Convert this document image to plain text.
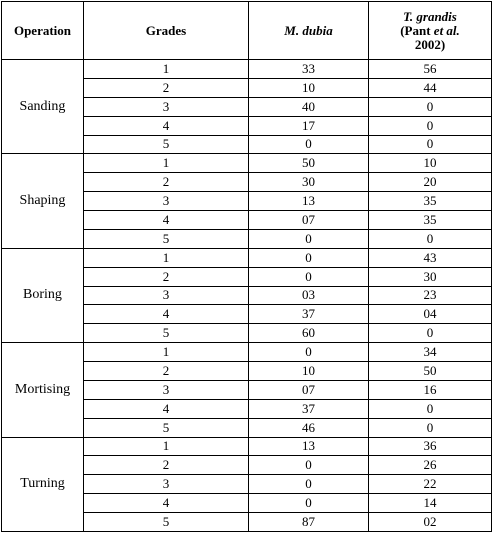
Operation	Grades	M. dubia	T. grandis
(Pant et al.
2002)
Sanding	1	33	56
	2	10	44
	3	40	0
	4	17	0
	5	0	0
Shaping	1	50	10
	2	30	20
	3	13	35
	4	07	35
	5	0	0
Boring	1	0	43
	2	0	30
	3	03	23
	4	37	04
	5	60	0
Mortising	1	0	34
	2	10	50
	3	07	16
	4	37	0
	5	46	0
Turning	1	13	36
	2	0	26
	3	0	22
	4	0	14
	5	87	02
